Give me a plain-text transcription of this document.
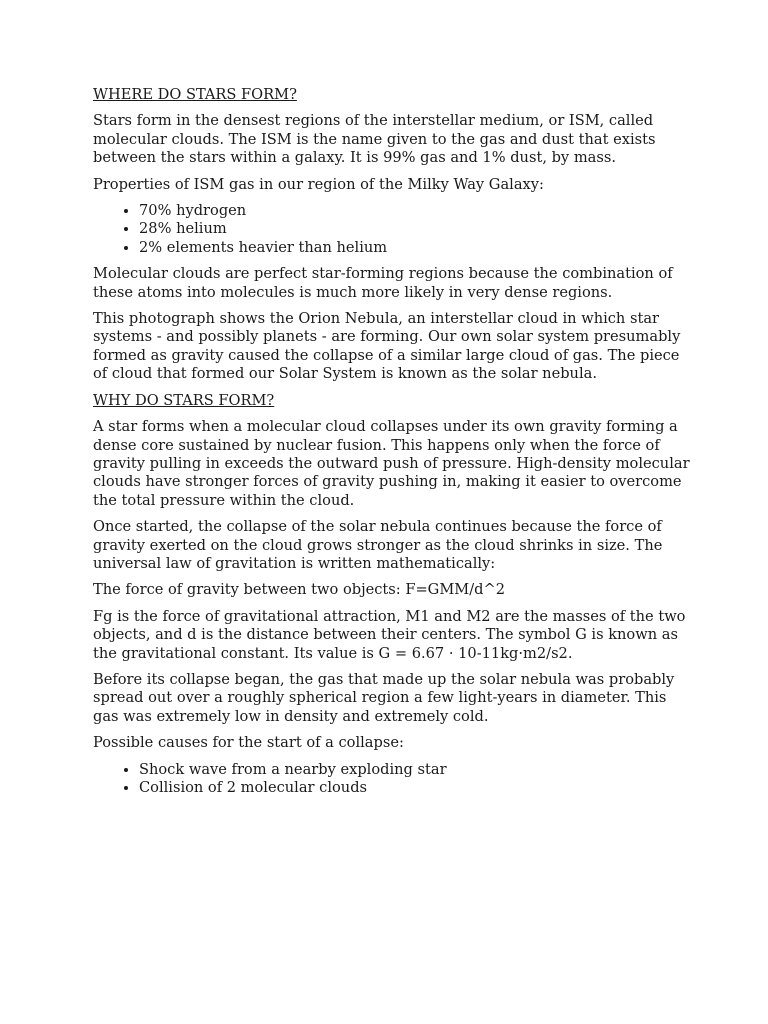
WHERE DO STARS FORM?

Stars form in the densest regions of the interstellar medium, or ISM, called molecular clouds. The ISM is the name given to the gas and dust that exists between the stars within a galaxy. It is 99% gas and 1% dust, by mass.

Properties of ISM gas in our region of the Milky Way Galaxy:

• 70% hydrogen
• 28% helium
• 2% elements heavier than helium

Molecular clouds are perfect star-forming regions because the combination of these atoms into molecules is much more likely in very dense regions.

This photograph shows the Orion Nebula, an interstellar cloud in which star systems - and possibly planets - are forming. Our own solar system presumably formed as gravity caused the collapse of a similar large cloud of gas. The piece of cloud that formed our Solar System is known as the solar nebula.

WHY DO STARS FORM?

A star forms when a molecular cloud collapses under its own gravity forming a dense core sustained by nuclear fusion. This happens only when the force of gravity pulling in exceeds the outward push of pressure. High-density molecular clouds have stronger forces of gravity pushing in, making it easier to overcome the total pressure within the cloud.

Once started, the collapse of the solar nebula continues because the force of gravity exerted on the cloud grows stronger as the cloud shrinks in size. The universal law of gravitation is written mathematically:

The force of gravity between two objects: F=GMM/d^2

Fg is the force of gravitational attraction, M1 and M2 are the masses of the two objects, and d is the distance between their centers. The symbol G is known as the gravitational constant. Its value is G = 6.67 · 10-11kg·m2/s2.

Before its collapse began, the gas that made up the solar nebula was probably spread out over a roughly spherical region a few light-years in diameter. This gas was extremely low in density and extremely cold.

Possible causes for the start of a collapse:

• Shock wave from a nearby exploding star
• Collision of 2 molecular clouds
